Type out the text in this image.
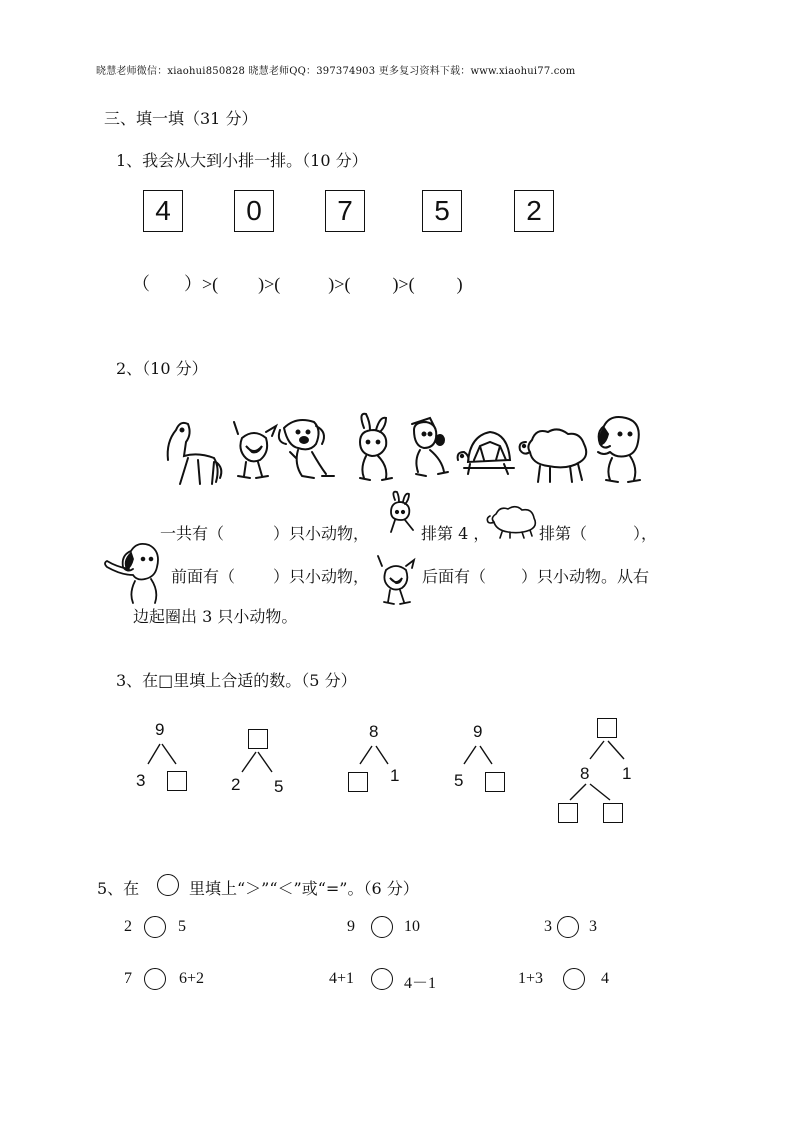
晓慧老师微信：xiaohui850828 晓慧老师QQ：397374903 更多复习资料下载：www.xiaohui77.com
三、填一填（31 分）
1、我会从大到小排一排。（10 分）
4	0	7	5	2
（ ）>( )>(	)>( )>( )
2、（10 分）
一共有（	）只小动物，	排第 4 ，	排第（	），
前面有（ ）只小动物，	后面有（ ）只小动物。从右
边起圈出 3 只小动物。
3、在□里填上合适的数。（5 分）
9
3	2 5
8
1
9
5	8 1
5、在	里填上“＞”“＜”或“=”。（6 分）
2	5	9	10	3 3
7	6+2	4+1	4－1	1+3	4
